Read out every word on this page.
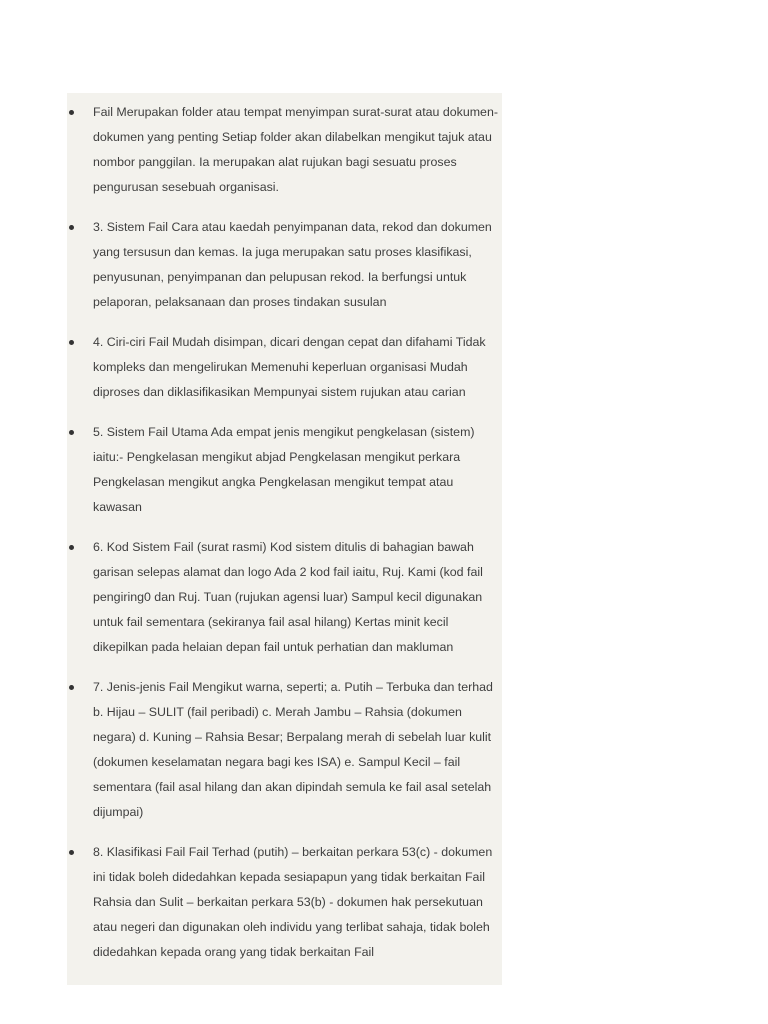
Fail Merupakan folder atau tempat menyimpan surat-surat atau dokumen-dokumen yang penting Setiap folder akan dilabelkan mengikut tajuk atau nombor panggilan. Ia merupakan alat rujukan bagi sesuatu proses pengurusan sesebuah organisasi.
3. Sistem Fail Cara atau kaedah penyimpanan data, rekod dan dokumen yang tersusun dan kemas. Ia juga merupakan satu proses klasifikasi, penyusunan, penyimpanan dan pelupusan rekod. Ia berfungsi untuk pelaporan, pelaksanaan dan proses tindakan susulan
4. Ciri-ciri Fail Mudah disimpan, dicari dengan cepat dan difahami Tidak kompleks dan mengelirukan Memenuhi keperluan organisasi Mudah diproses dan diklasifikasikan Mempunyai sistem rujukan atau carian
5. Sistem Fail Utama Ada empat jenis mengikut pengkelasan (sistem) iaitu:- Pengkelasan mengikut abjad Pengkelasan mengikut perkara Pengkelasan mengikut angka Pengkelasan mengikut tempat atau kawasan
6. Kod Sistem Fail (surat rasmi) Kod sistem ditulis di bahagian bawah garisan selepas alamat dan logo Ada 2 kod fail iaitu, Ruj. Kami (kod fail pengiring0 dan Ruj. Tuan (rujukan agensi luar) Sampul kecil digunakan untuk fail sementara (sekiranya fail asal hilang) Kertas minit kecil dikepilkan pada helaian depan fail untuk perhatian dan makluman
7. Jenis-jenis Fail Mengikut warna, seperti; a. Putih – Terbuka dan terhad b. Hijau – SULIT (fail peribadi) c. Merah Jambu – Rahsia (dokumen negara) d. Kuning – Rahsia Besar; Berpalang merah di sebelah luar kulit (dokumen keselamatan negara bagi kes ISA) e. Sampul Kecil – fail sementara (fail asal hilang dan akan dipindah semula ke fail asal setelah dijumpai)
8. Klasifikasi Fail Fail Terhad (putih) – berkaitan perkara 53(c) - dokumen ini tidak boleh didedahkan kepada sesiapapun yang tidak berkaitan Fail Rahsia dan Sulit – berkaitan perkara 53(b) - dokumen hak persekutuan atau negeri dan digunakan oleh individu yang terlibat sahaja, tidak boleh didedahkan kepada orang yang tidak berkaitan Fail
